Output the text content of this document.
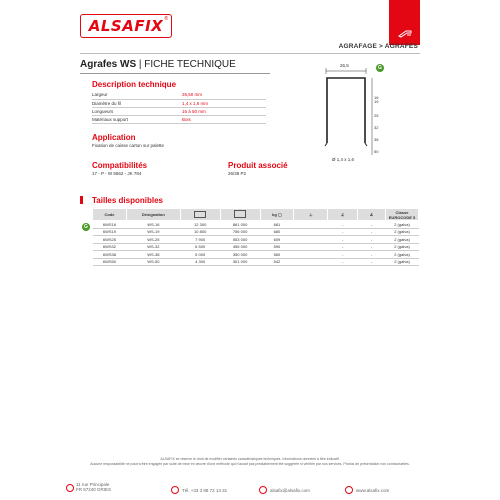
ALSAFIX®
AGRAFAGE > AGRAFES
Agrafes WS | FICHE TECHNIQUE
Description technique
Largeur	26,50 mm
Diamètre du fil	1,4 x 1,6 mm
Longueurs	16 à 50 mm
Matériaux support	Bois
Application
Fixation de caisse carton sur palette
Compatibilités
17 - P - W 5562 - JK 784
Produit associé
26/38 P2
26,5	G
16
19
25
32
38
50
Ø 1,4 x 1,6
Tailles disponibles
Code	Désignation			kg ▢	⊥	∠	∡	Classe EUROCODE 5
6WS16	WS-16	12 300	861 000	681		-	-	2 (galva)
6WS19	WS-19	10 800	756 000	680		-	-	2 (galva)
6WS25	WS-25	7 900	553 000	609		-	-	2 (galva)
6WS32	WS-32	6 500	455 000	590		-	-	2 (galva)
6WS38	WS-38	5 000	350 000	560		-	-	2 (galva)
6WS50	WS-50	4 300	301 000	542		-	-	2 (galva)
G
ALSAFIX se réserve le droit de modifier certaines caractéristiques techniques. Informations données à titre indicatif.
Aucune responsabilité ne pourra être engagée par suite de mise en œuvre d'une méthode qui n'aurait pas préalablement été suggérée ni vérifiée par nos services. Photos de présentation non contractuelles.
11 rue Principale
FR 67240 GRIES	Tél. +33 3 88 72 13 31	alsafix@alsafix.com	www.alsafix.com
